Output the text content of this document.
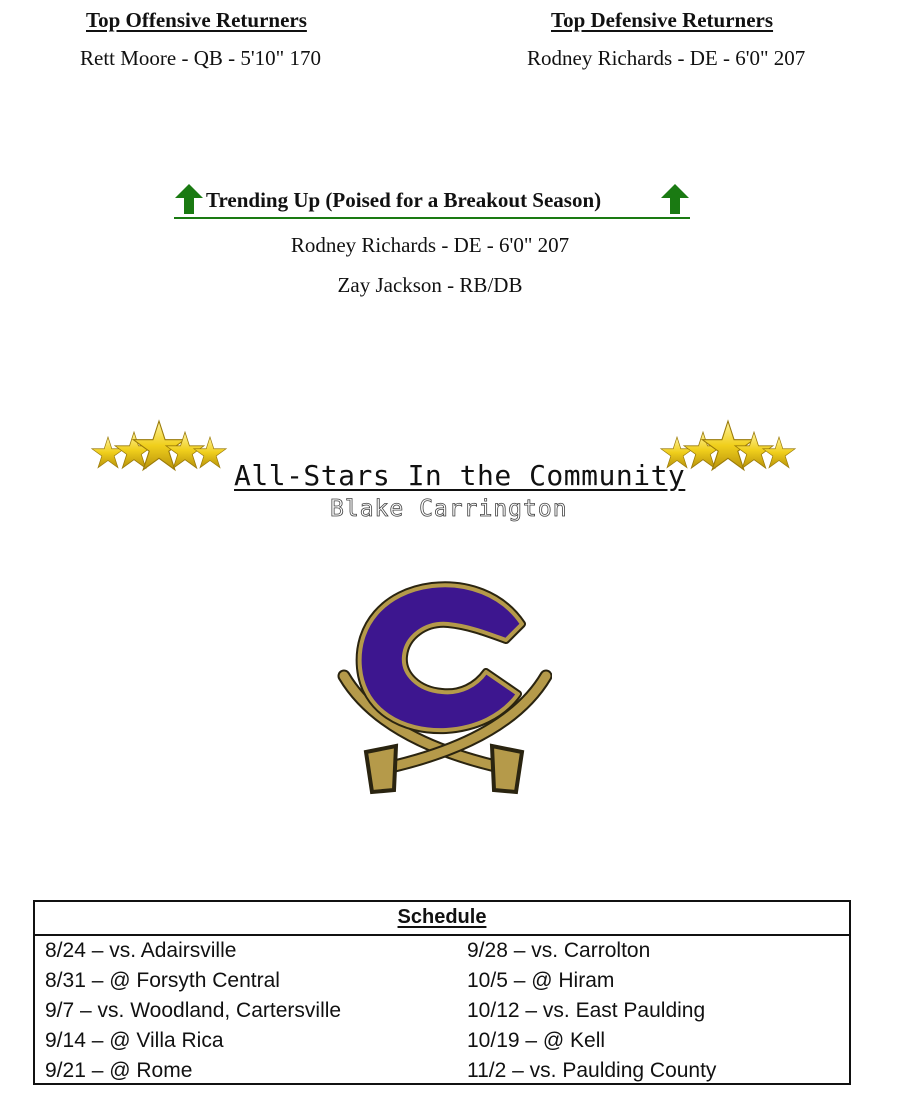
Top Offensive Returners
Rett Moore - QB - 5'10" 170
Top Defensive Returners
Rodney Richards - DE - 6'0" 207
Trending Up (Poised for a Breakout Season)
Rodney Richards - DE - 6'0" 207
Zay Jackson - RB/DB
All-Stars In the Community
Blake Carrington
Schedule
8/24 – vs. Adairsville
8/31 – @ Forsyth Central
9/7 – vs. Woodland, Cartersville
9/14 – @ Villa Rica
9/21 – @ Rome
9/28 – vs. Carrolton
10/5 – @ Hiram
10/12 – vs. East Paulding
10/19 – @ Kell
11/2 – vs. Paulding County
